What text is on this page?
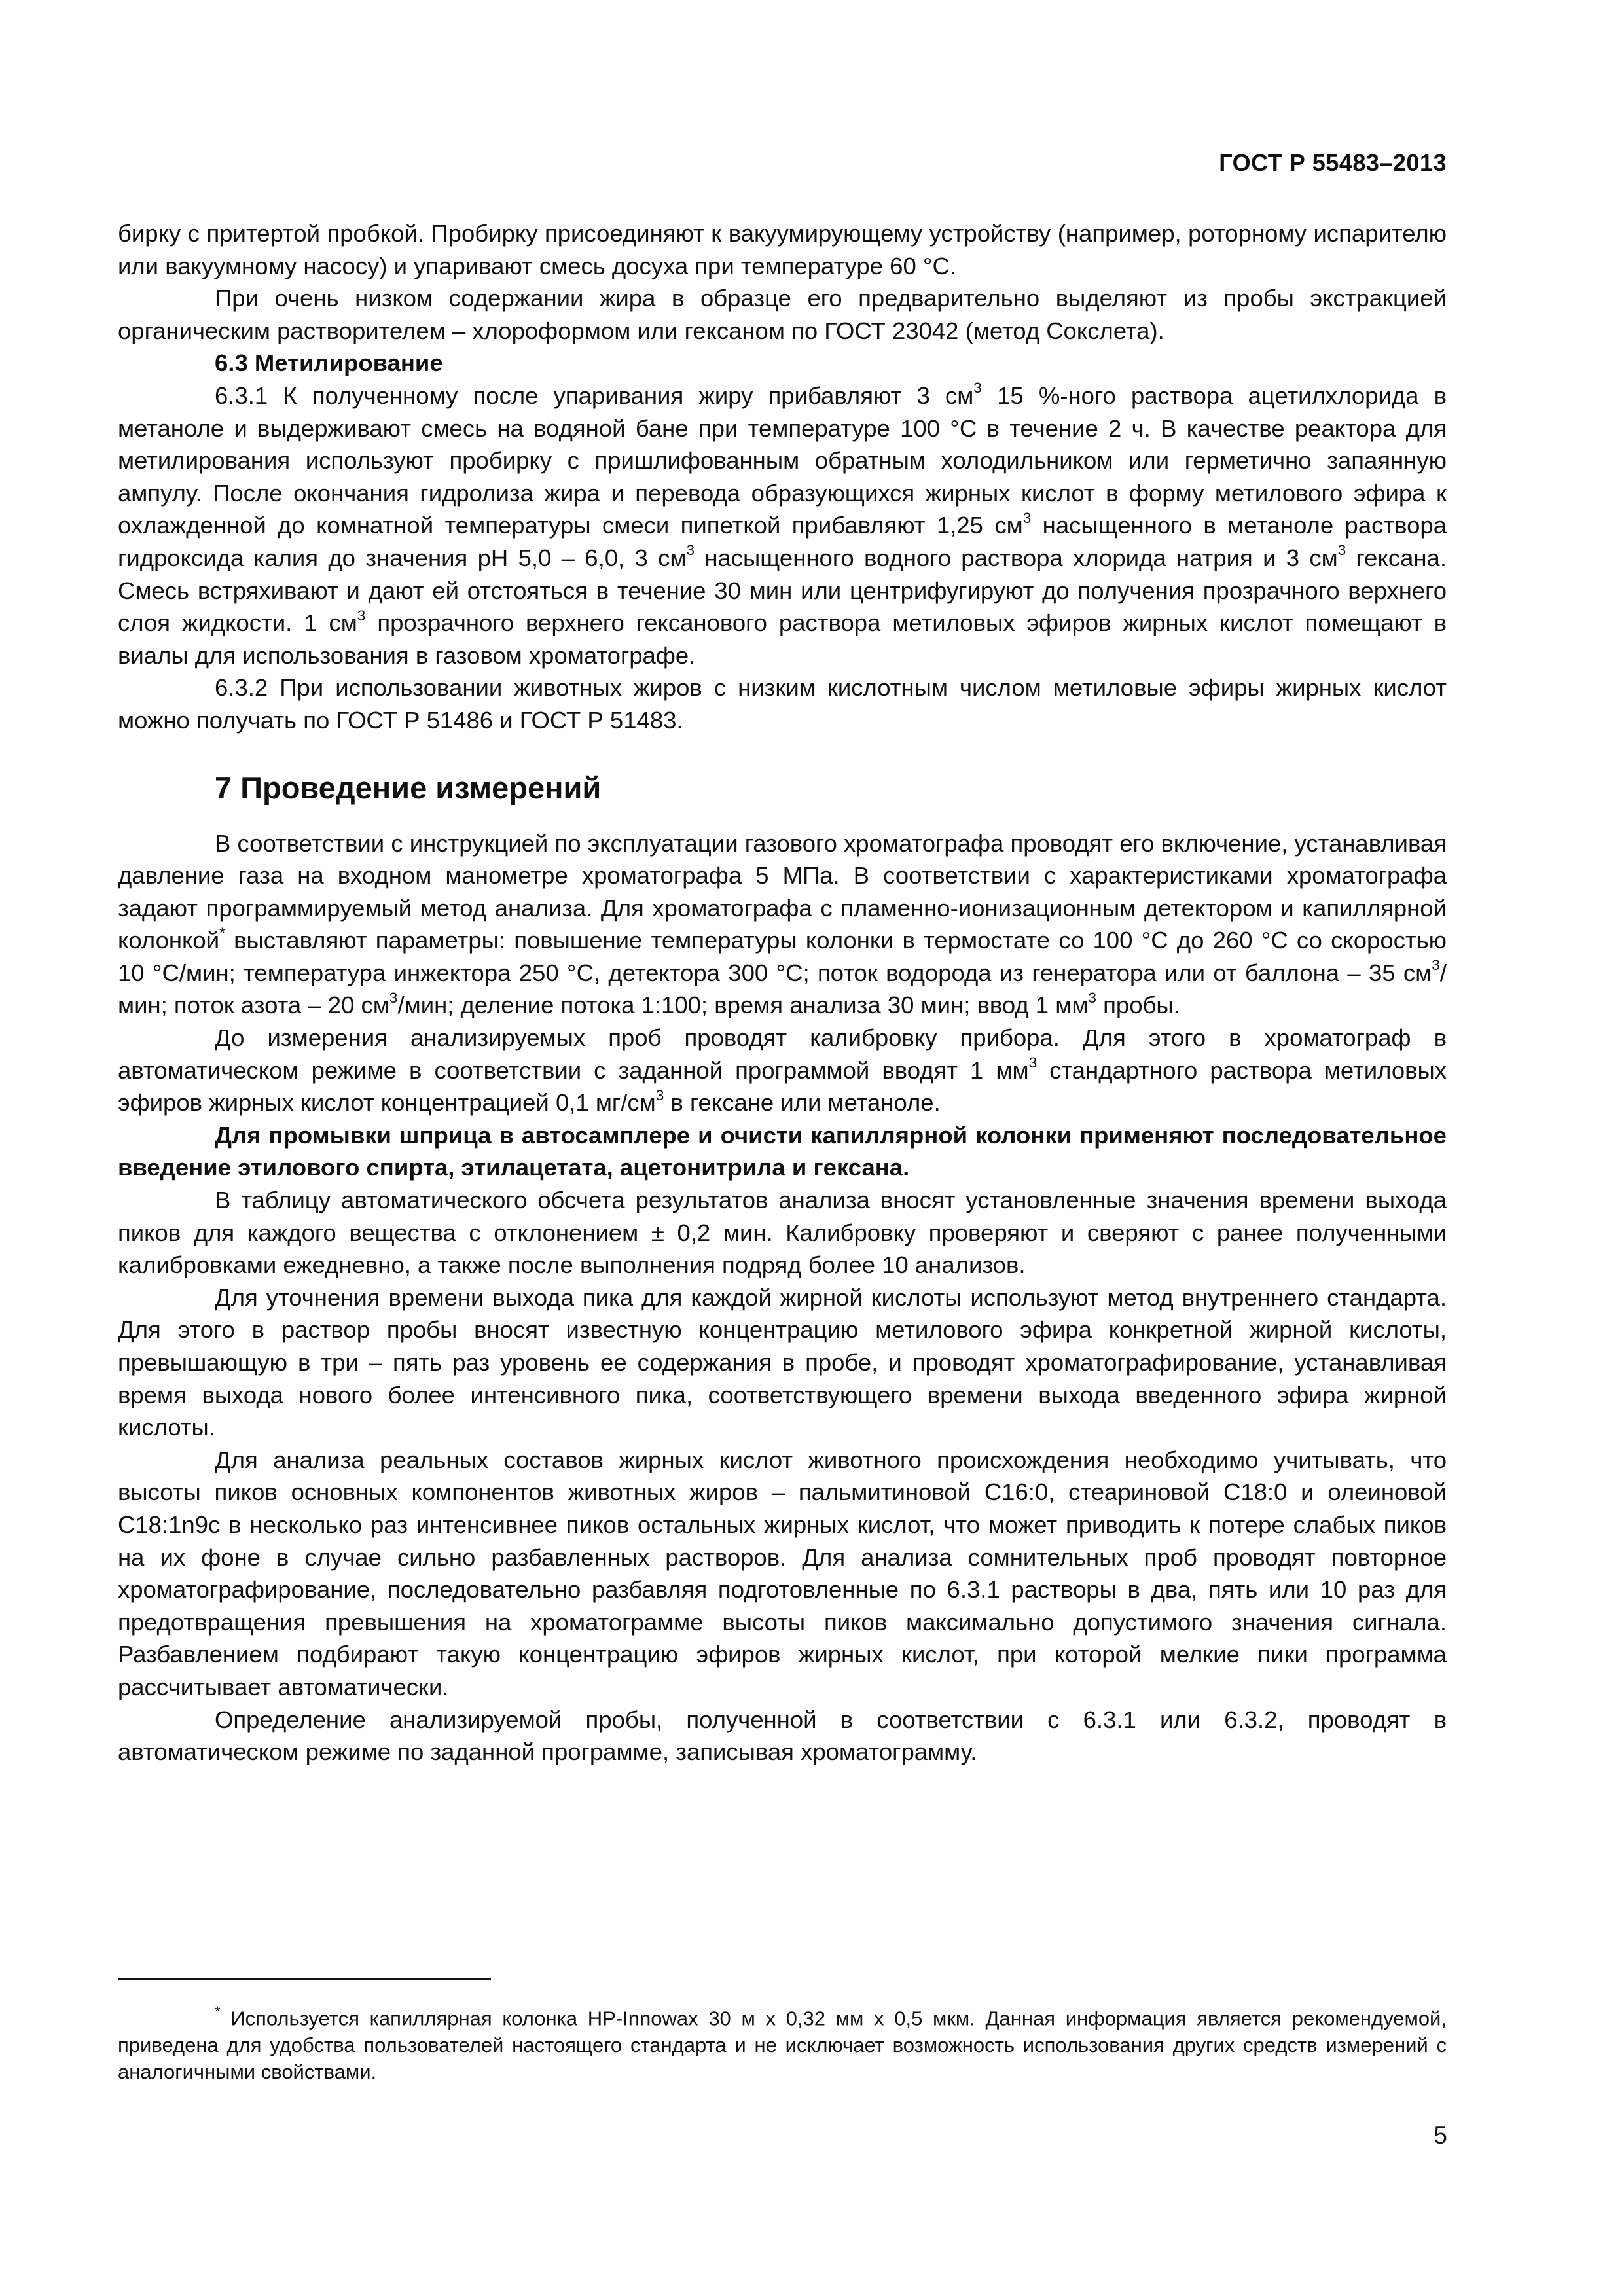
ГОСТ Р 55483–2013

бирку с притертой пробкой. Пробирку присоединяют к вакуумирующему устройству (например, роторному испарителю или вакуумному насосу) и упаривают смесь досуха при температуре 60 °С.

При очень низком содержании жира в образце его предварительно выделяют из пробы экстракцией органическим растворителем – хлороформом или гексаном по ГОСТ 23042 (метод Сокслета).

6.3 Метилирование

6.3.1 К полученному после упаривания жиру прибавляют 3 $см^3$ 15 %-ного раствора ацетилхлорида в метаноле и выдерживают смесь на водяной бане при температуре 100 °С в течение 2 ч. В качестве реактора для метилирования используют пробирку с пришлифованным обратным холодильником или герметично запаянную ампулу. После окончания гидролиза жира и перевода образующихся жирных кислот в форму метилового эфира к охлажденной до комнатной температуры смеси пипеткой прибавляют 1,25 $см^3$ насыщенного в метаноле раствора гидроксида калия до значения pH 5,0 – 6,0, 3 $см^3$ насыщенного водного раствора хлорида натрия и 3 $см^3$ гексана. Смесь встряхивают и дают ей отстояться в течение 30 мин или центрифугируют до получения прозрачного верхнего слоя жидкости. 1 $см^3$ прозрачного верхнего гексанового раствора метиловых эфиров жирных кислот помещают в виалы для использования в газовом хроматографе.

6.3.2 При использовании животных жиров с низким кислотным числом метиловые эфиры жирных кислот можно получать по ГОСТ Р 51486 и ГОСТ Р 51483.

7 Проведение измерений

В соответствии с инструкцией по эксплуатации газового хроматографа проводят его включение, устанавливая давление газа на входном манометре хроматографа 5 МПа. В соответствии с характеристиками хроматографа задают программируемый метод анализа. Для хроматографа с пламенно-ионизационным детектором и капиллярной колонкой* выставляют параметры: повышение температуры колонки в термостате со 100 °С до 260 °С со скоростью 10 °С/мин; температура инжектора 250 °С, детектора 300 °С; поток водорода из генератора или от баллона – 35 $см^3$/мин; поток азота – 20 $см^3$/мин; деление потока 1:100; время анализа 30 мин; ввод 1 $мм^3$ пробы.

До измерения анализируемых проб проводят калибровку прибора. Для этого в хроматограф в автоматическом режиме в соответствии с заданной программой вводят 1 $мм^3$ стандартного раствора метиловых эфиров жирных кислот концентрацией 0,1 $мг/см^3$ в гексане или метаноле.

Для промывки шприца в автосамплере и очисти капиллярной колонки применяют последовательное введение этилового спирта, этилацетата, ацетонитрила и гексана.

В таблицу автоматического обсчета результатов анализа вносят установленные значения времени выхода пиков для каждого вещества с отклонением ± 0,2 мин. Калибровку проверяют и сверяют с ранее полученными калибровками ежедневно, а также после выполнения подряд более 10 анализов.

Для уточнения времени выхода пика для каждой жирной кислоты используют метод внутреннего стандарта. Для этого в раствор пробы вносят известную концентрацию метилового эфира конкретной жирной кислоты, превышающую в три – пять раз уровень ее содержания в пробе, и проводят хроматографирование, устанавливая время выхода нового более интенсивного пика, соответствующего времени выхода введенного эфира жирной кислоты.

Для анализа реальных составов жирных кислот животного происхождения необходимо учитывать, что высоты пиков основных компонентов животных жиров – пальмитиновой С16:0, стеариновой С18:0 и олеиновой С18:1n9c в несколько раз интенсивнее пиков остальных жирных кислот, что может приводить к потере слабых пиков на их фоне в случае сильно разбавленных растворов. Для анализа сомнительных проб проводят повторное хроматографирование, последовательно разбавляя подготовленные по 6.3.1 растворы в два, пять или 10 раз для предотвращения превышения на хроматограмме высоты пиков максимально допустимого значения сигнала. Разбавлением подбирают такую концентрацию эфиров жирных кислот, при которой мелкие пики программа рассчитывает автоматически.

Определение анализируемой пробы, полученной в соответствии с 6.3.1 или 6.3.2, проводят в автоматическом режиме по заданной программе, записывая хроматограмму.

* Используется капиллярная колонка HP-Innowax 30 м х 0,32 мм х 0,5 мкм. Данная информация является рекомендуемой, приведена для удобства пользователей настоящего стандарта и не исключает возможность использования других средств измерений с аналогичными свойствами.
5
